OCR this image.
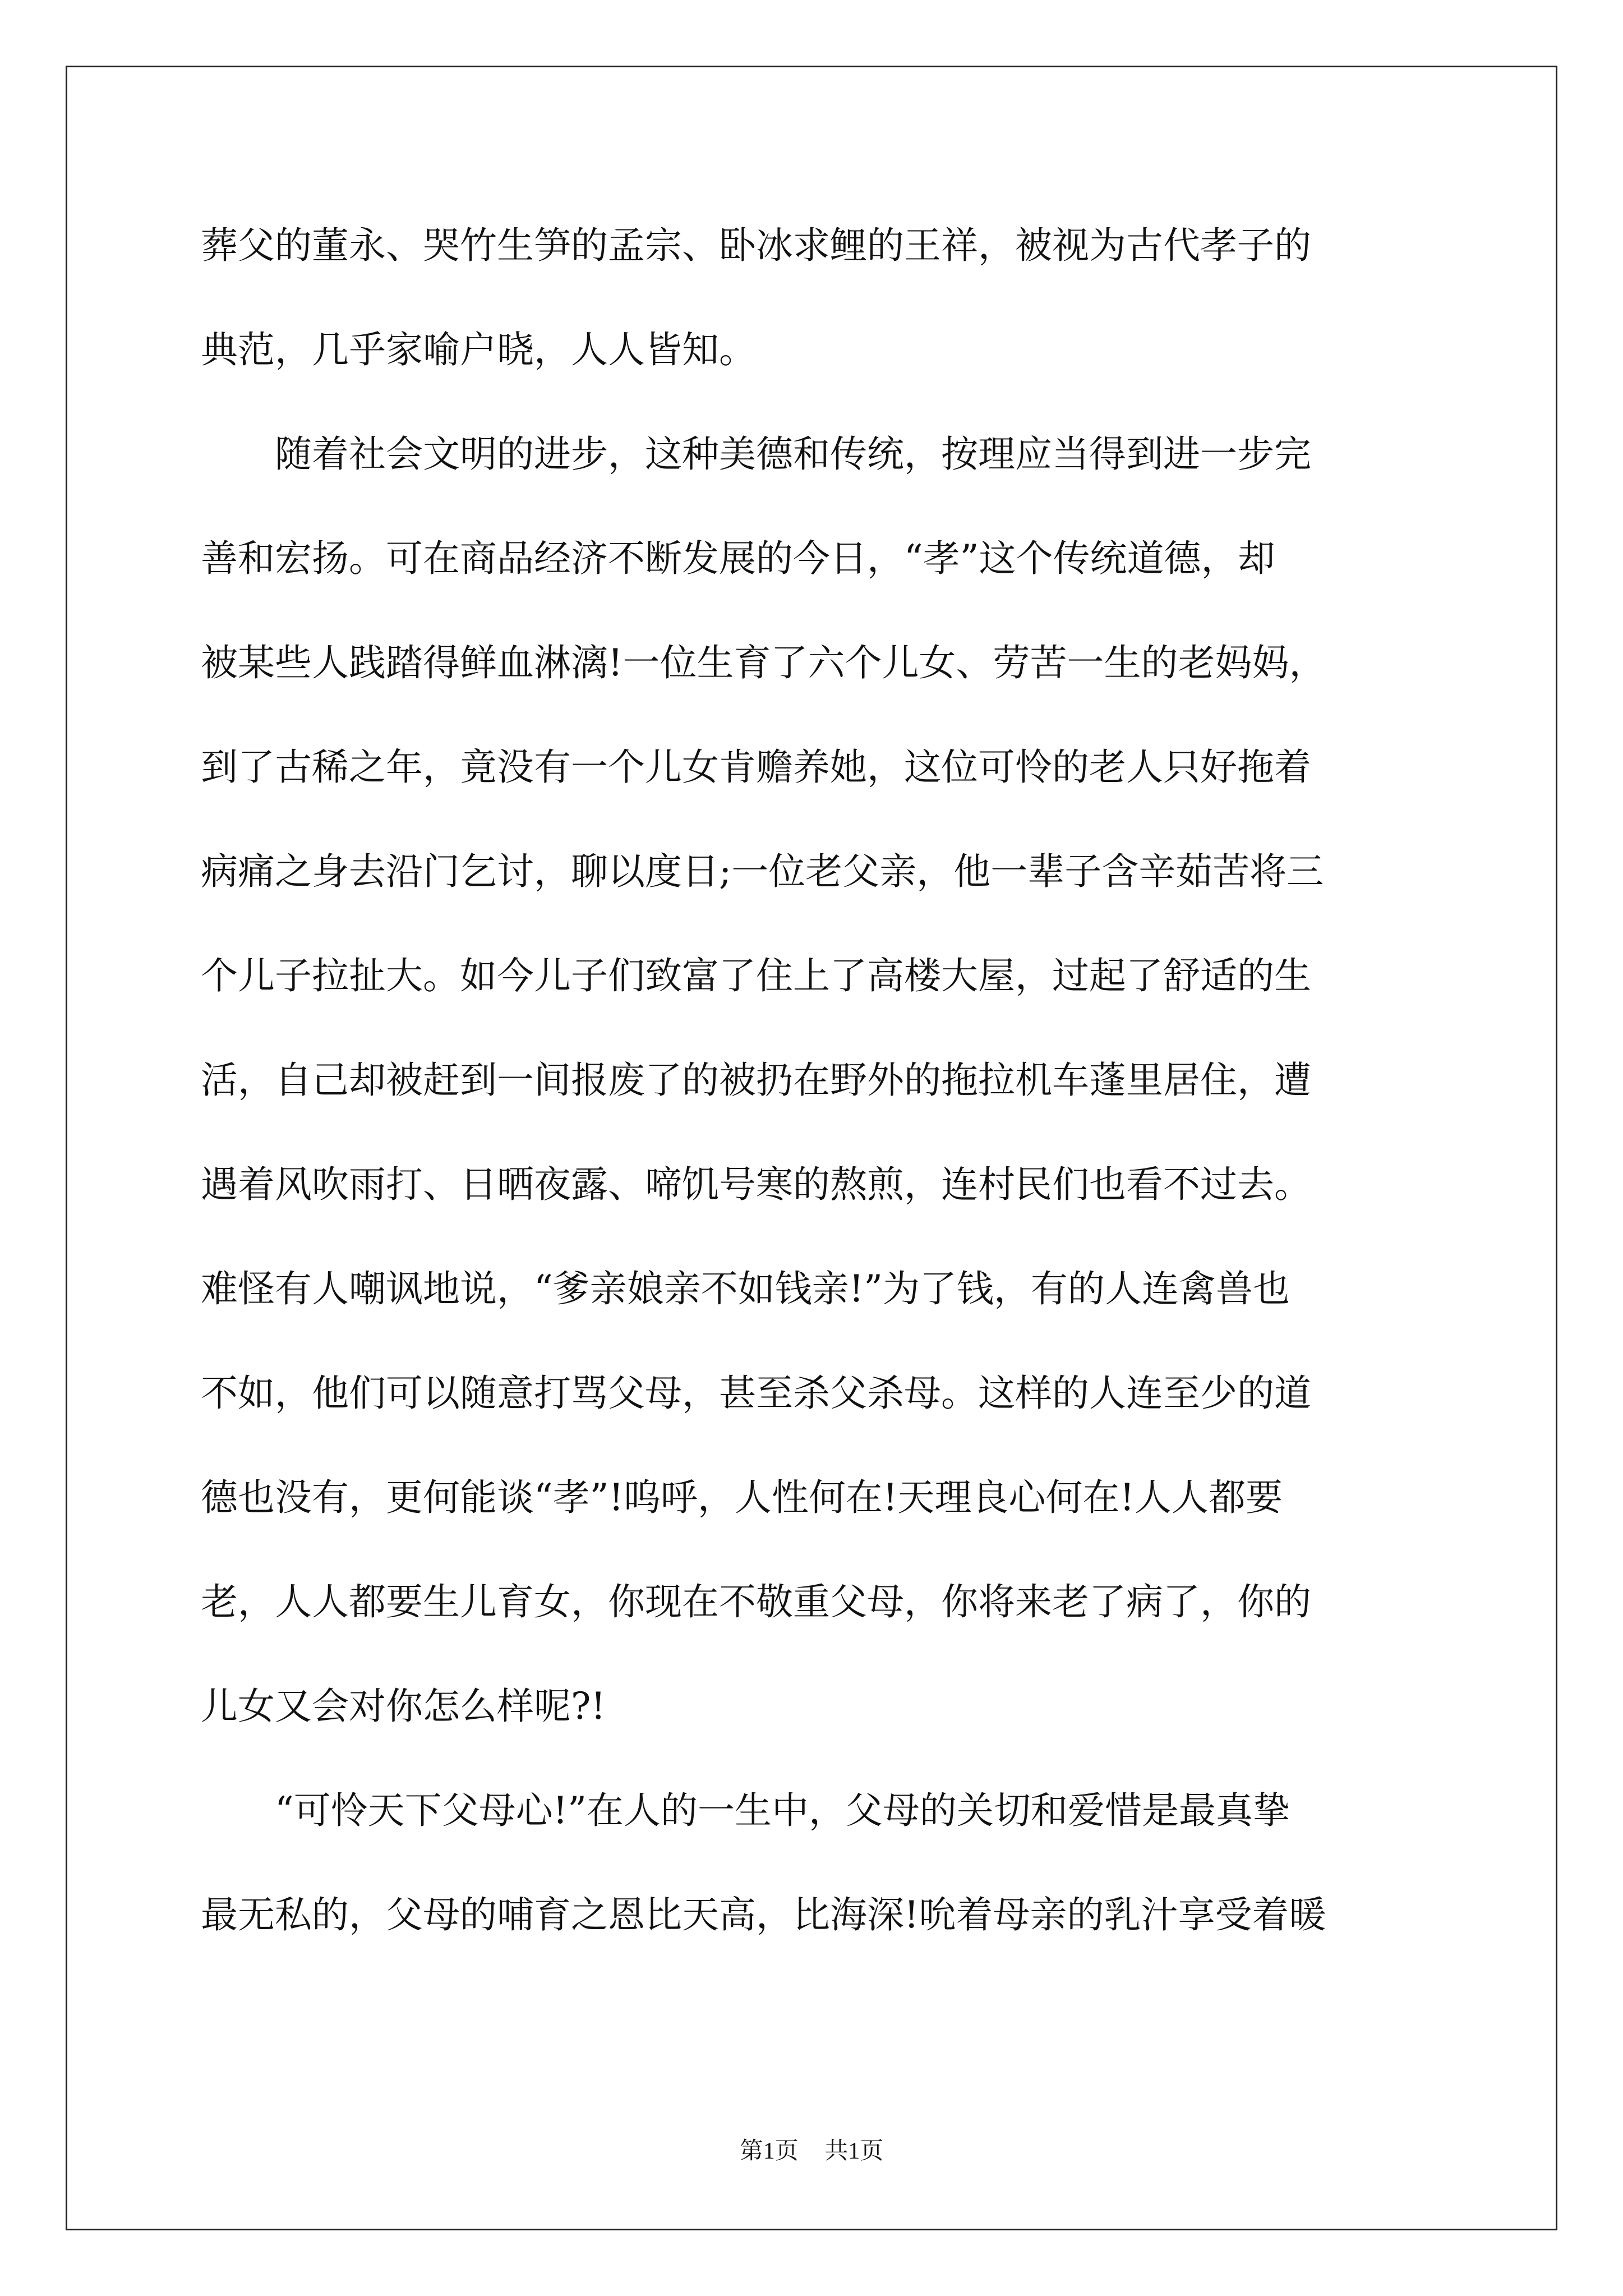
葬父的董永、哭竹生笋的孟宗、卧冰求鲤的王祥，被视为古代孝子的
典范，几乎家喻户晓，人人皆知。
　　随着社会文明的进步，这种美德和传统，按理应当得到进一步完
善和宏扬。可在商品经济不断发展的今日，“孝”这个传统道德，却
被某些人践踏得鲜血淋漓!一位生育了六个儿女、劳苦一生的老妈妈，
到了古稀之年，竟没有一个儿女肯赡养她，这位可怜的老人只好拖着
病痛之身去沿门乞讨，聊以度日;一位老父亲，他一辈子含辛茹苦将三
个儿子拉扯大。如今儿子们致富了住上了高楼大屋，过起了舒适的生
活，自己却被赶到一间报废了的被扔在野外的拖拉机车蓬里居住，遭
遇着风吹雨打、日晒夜露、啼饥号寒的熬煎，连村民们也看不过去。
难怪有人嘲讽地说，“爹亲娘亲不如钱亲!”为了钱，有的人连禽兽也
不如，他们可以随意打骂父母，甚至杀父杀母。这样的人连至少的道
德也没有，更何能谈“孝”!呜呼，人性何在!天理良心何在!人人都要
老，人人都要生儿育女，你现在不敬重父母，你将来老了病了，你的
儿女又会对你怎么样呢?!
　　“可怜天下父母心!”在人的一生中，父母的关切和爱惜是最真挚
最无私的，父母的哺育之恩比天高，比海深!吮着母亲的乳汁享受着暖
第1页 共1页
